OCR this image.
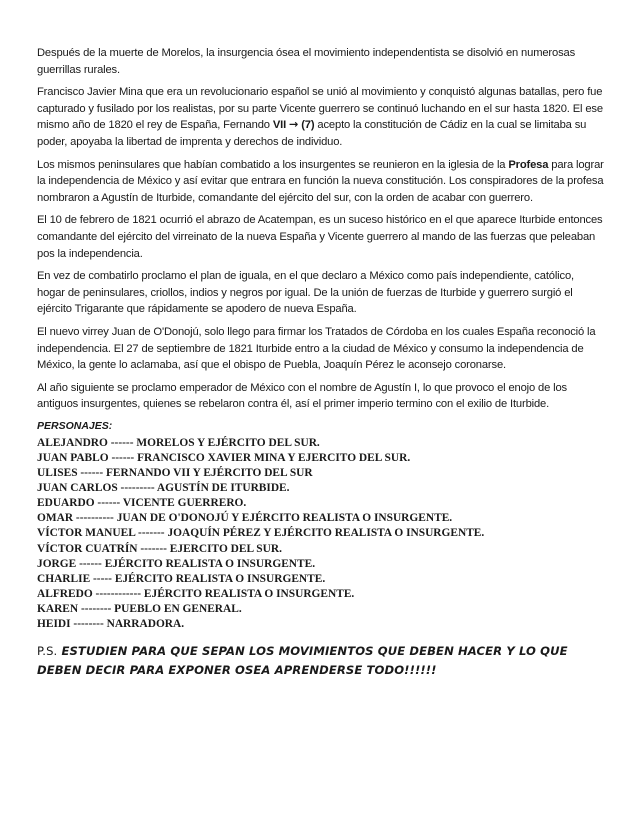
Después de la muerte de Morelos, la insurgencia ósea el movimiento independentista se disolvió en numerosas guerrillas rurales.

Francisco Javier Mina que era un revolucionario español se unió al movimiento y conquistó algunas batallas, pero fue capturado y fusilado por los realistas, por su parte Vicente guerrero se continuó luchando en el sur hasta 1820. El ese mismo año de 1820 el rey de España, Fernando VII → (7) acepto la constitución de Cádiz en la cual se limitaba su poder, apoyaba la libertad de imprenta y derechos de individuo.

Los mismos peninsulares que habían combatido a los insurgentes se reunieron en la iglesia de la Profesa para lograr la independencia de México y así evitar que entrara en función la nueva constitución. Los conspiradores de la profesa nombraron a Agustín de Iturbide, comandante del ejército del sur, con la orden de acabar con guerrero.

El 10 de febrero de 1821 ocurrió el abrazo de Acatempan, es un suceso histórico en el que aparece Iturbide entonces comandante del ejército del virreinato de la nueva España y Vicente guerrero al mando de las fuerzas que peleaban pos la independencia.

En vez de combatirlo proclamo el plan de iguala, en el que declaro a México como país independiente, católico, hogar de peninsulares, criollos, indios y negros por igual. De la unión de fuerzas de Iturbide y guerrero surgió el ejército Trigarante que rápidamente se apodero de nueva España.

El nuevo virrey Juan de O'Donojú, solo llego para firmar los Tratados de Córdoba en los cuales España reconoció la independencia. El 27 de septiembre de 1821 Iturbide entro a la ciudad de México y consumo la independencia de México, la gente lo aclamaba, así que el obispo de Puebla, Joaquín Pérez le aconsejo coronarse.

Al año siguiente se proclamo emperador de México con el nombre de Agustín I, lo que provoco el enojo de los antiguos insurgentes, quienes se rebelaron contra él, así el primer imperio termino con el exilio de Iturbide.

PERSONAJES:
ALEJANDRO ------ MORELOS Y EJÉRCITO DEL SUR.
JUAN PABLO ------ FRANCISCO XAVIER MINA Y EJERCITO DEL SUR.
ULISES ------ FERNANDO VII Y EJÉRCITO DEL SUR
JUAN CARLOS --------- AGUSTÍN DE ITURBIDE.
EDUARDO ------ VICENTE GUERRERO.
OMAR ---------- JUAN DE O'DONOJÚ Y EJÉRCITO REALISTA O INSURGENTE.
VÍCTOR MANUEL ------- JOAQUÍN PÉREZ Y EJÉRCITO REALISTA O INSURGENTE.
VÍCTOR CUATRÍN ------- EJERCITO DEL SUR.
JORGE ------ EJÉRCITO REALISTA O INSURGENTE.
CHARLIE ----- EJÉRCITO REALISTA O INSURGENTE.
ALFREDO ------------ EJÉRCITO REALISTA O INSURGENTE.
KAREN -------- PUEBLO EN GENERAL.
HEIDI -------- NARRADORA.
P.S. ESTUDIEN PARA QUE SEPAN LOS MOVIMIENTOS QUE DEBEN HACER Y LO QUE DEBEN DECIR PARA EXPONER OSEA APRENDERSE TODO!!!!!!
